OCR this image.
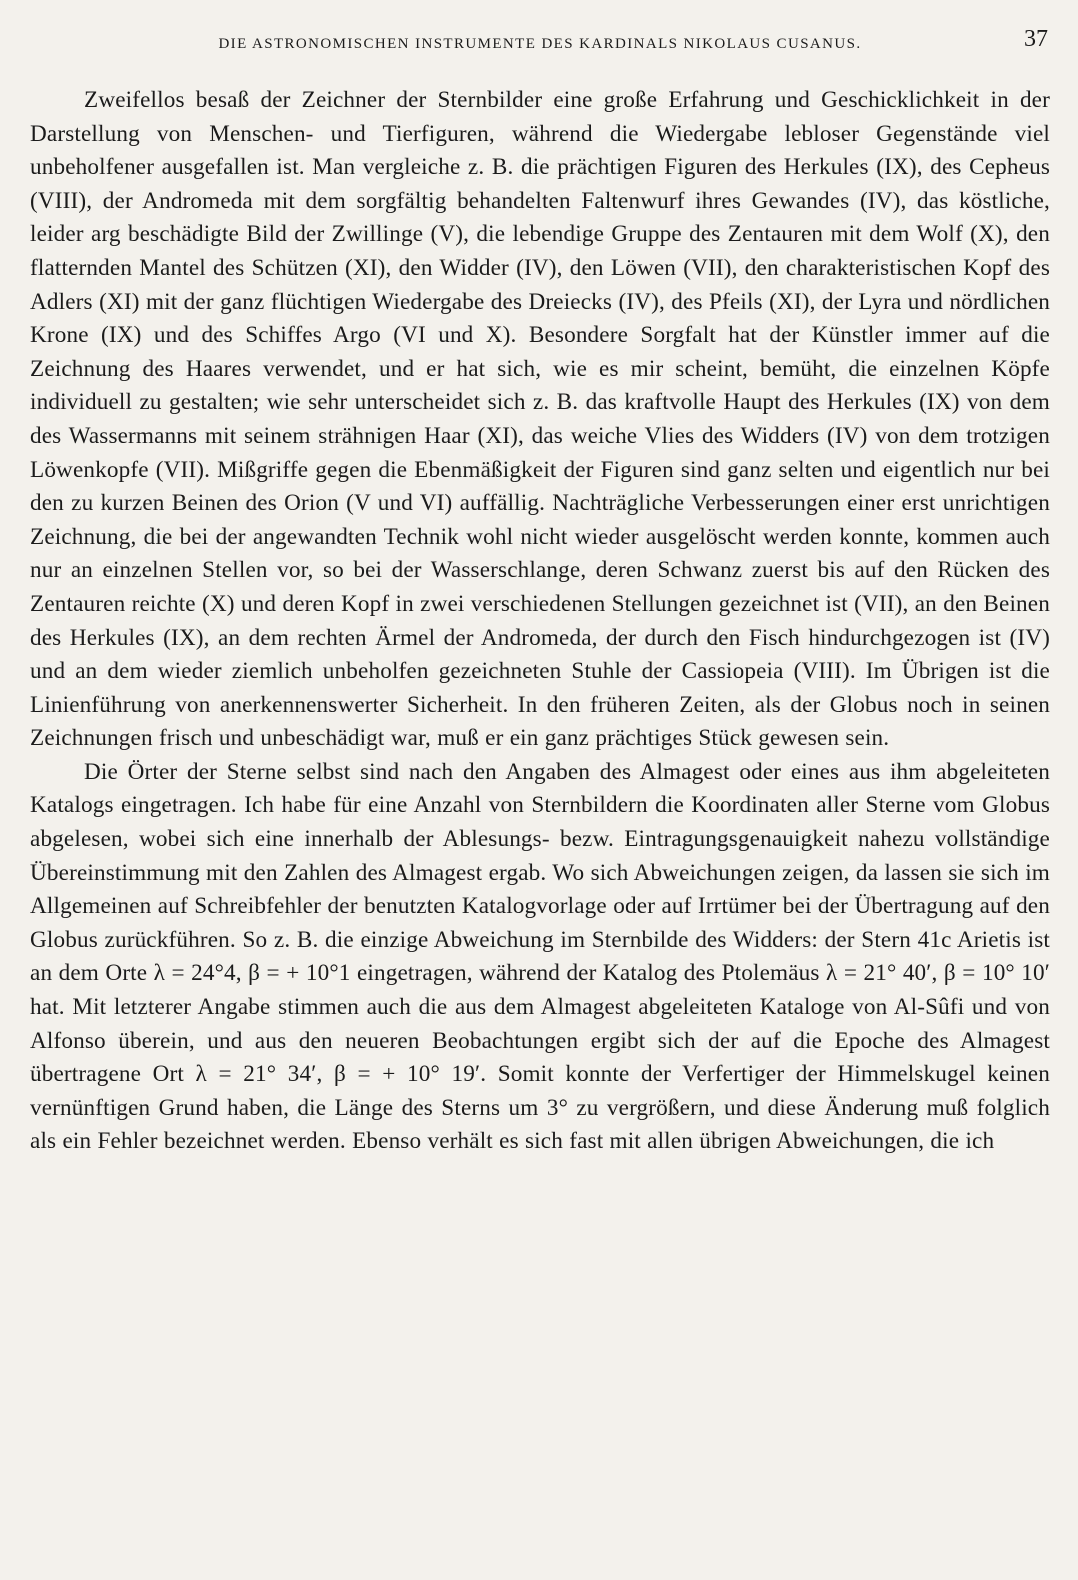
DIE ASTRONOMISCHEN INSTRUMENTE DES KARDINALS NIKOLAUS CUSANUS.	37

Zweifellos besaß der Zeichner der Sternbilder eine große Erfahrung und Geschicklichkeit in der Darstellung von Menschen- und Tierfiguren, während die Wiedergabe lebloser Gegenstände viel unbeholfener ausgefallen ist. Man vergleiche z. B. die prächtigen Figuren des Herkules (IX), des Cepheus (VIII), der Andromeda mit dem sorgfältig behandelten Faltenwurf ihres Gewandes (IV), das köstliche, leider arg beschädigte Bild der Zwillinge (V), die lebendige Gruppe des Zentauren mit dem Wolf (X), den flatternden Mantel des Schützen (XI), den Widder (IV), den Löwen (VII), den charakteristischen Kopf des Adlers (XI) mit der ganz flüchtigen Wiedergabe des Dreiecks (IV), des Pfeils (XI), der Lyra und nördlichen Krone (IX) und des Schiffes Argo (VI und X). Besondere Sorgfalt hat der Künstler immer auf die Zeichnung des Haares verwendet, und er hat sich, wie es mir scheint, bemüht, die einzelnen Köpfe individuell zu gestalten; wie sehr unterscheidet sich z. B. das kraftvolle Haupt des Herkules (IX) von dem des Wassermanns mit seinem strähnigen Haar (XI), das weiche Vlies des Widders (IV) von dem trotzigen Löwenkopfe (VII). Mißgriffe gegen die Ebenmäßigkeit der Figuren sind ganz selten und eigentlich nur bei den zu kurzen Beinen des Orion (V und VI) auffällig. Nachträgliche Verbesserungen einer erst unrichtigen Zeichnung, die bei der angewandten Technik wohl nicht wieder ausgelöscht werden konnte, kommen auch nur an einzelnen Stellen vor, so bei der Wasserschlange, deren Schwanz zuerst bis auf den Rücken des Zentauren reichte (X) und deren Kopf in zwei verschiedenen Stellungen gezeichnet ist (VII), an den Beinen des Herkules (IX), an dem rechten Ärmel der Andromeda, der durch den Fisch hindurchgezogen ist (IV) und an dem wieder ziemlich unbeholfen gezeichneten Stuhle der Cassiopeia (VIII). Im Übrigen ist die Linienführung von anerkennenswerter Sicherheit. In den früheren Zeiten, als der Globus noch in seinen Zeichnungen frisch und unbeschädigt war, muß er ein ganz prächtiges Stück gewesen sein.

Die Örter der Sterne selbst sind nach den Angaben des Almagest oder eines aus ihm abgeleiteten Katalogs eingetragen. Ich habe für eine Anzahl von Sternbildern die Koordinaten aller Sterne vom Globus abgelesen, wobei sich eine innerhalb der Ablesungs- bezw. Eintragungsgenauigkeit nahezu vollständige Übereinstimmung mit den Zahlen des Almagest ergab. Wo sich Abweichungen zeigen, da lassen sie sich im Allgemeinen auf Schreibfehler der benutzten Katalogvorlage oder auf Irrtümer bei der Übertragung auf den Globus zurückführen. So z. B. die einzige Abweichung im Sternbilde des Widders: der Stern 41c Arietis ist an dem Orte λ = 24°4, β = + 10°1 eingetragen, während der Katalog des Ptolemäus λ = 21° 40′, β = 10° 10′ hat. Mit letzterer Angabe stimmen auch die aus dem Almagest abgeleiteten Kataloge von Al-Sûfi und von Alfonso überein, und aus den neueren Beobachtungen ergibt sich der auf die Epoche des Almagest übertragene Ort λ = 21° 34′, β = + 10° 19′. Somit konnte der Verfertiger der Himmelskugel keinen vernünftigen Grund haben, die Länge des Sterns um 3° zu vergrößern, und diese Änderung muß folglich als ein Fehler bezeichnet werden. Ebenso verhält es sich fast mit allen übrigen Abweichungen, die ich
